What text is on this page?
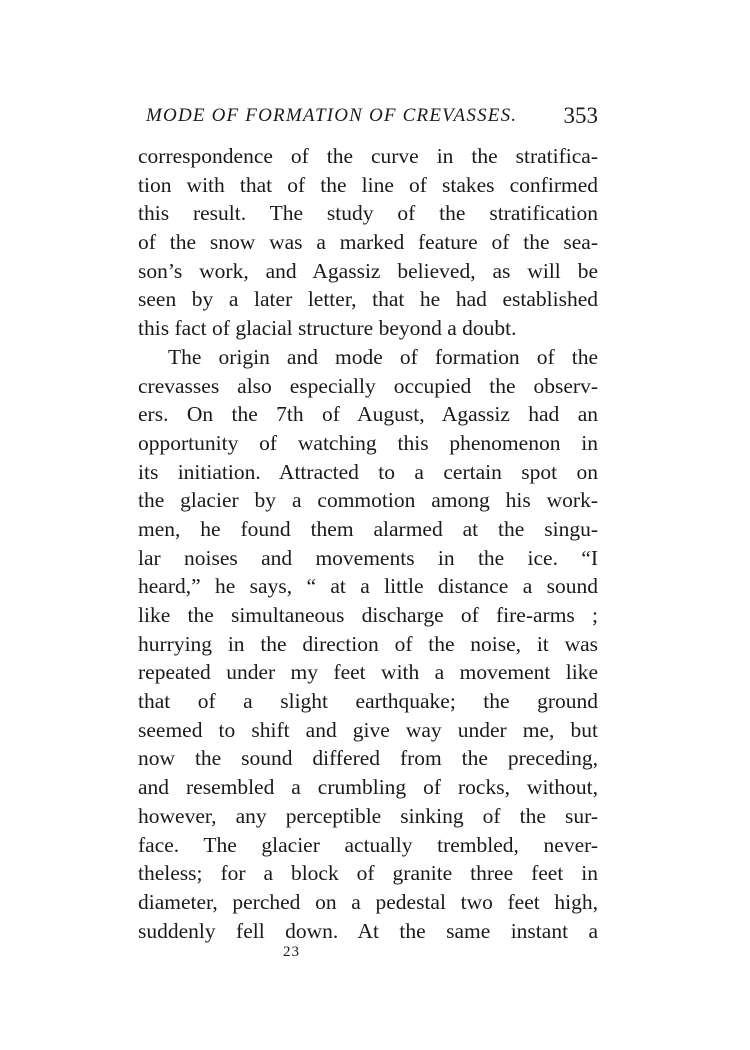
MODE OF FORMATION OF CREVASSES. 353
correspondence of the curve in the stratifica-
tion with that of the line of stakes confirmed
this result. The study of the stratification
of the snow was a marked feature of the sea-
son’s work, and Agassiz believed, as will be
seen by a later letter, that he had established
this fact of glacial structure beyond a doubt.
The origin and mode of formation of the
crevasses also especially occupied the observ-
ers. On the 7th of August, Agassiz had an
opportunity of watching this phenomenon in
its initiation. Attracted to a certain spot on
the glacier by a commotion among his work-
men, he found them alarmed at the singu-
lar noises and movements in the ice. “I
heard,” he says, “ at a little distance a sound
like the simultaneous discharge of fire-arms ;
hurrying in the direction of the noise, it was
repeated under my feet with a movement like
that of a slight earthquake; the ground
seemed to shift and give way under me, but
now the sound differed from the preceding,
and resembled a crumbling of rocks, without,
however, any perceptible sinking of the sur-
face. The glacier actually trembled, never-
theless; for a block of granite three feet in
diameter, perched on a pedestal two feet high,
suddenly fell down. At the same instant a
23
